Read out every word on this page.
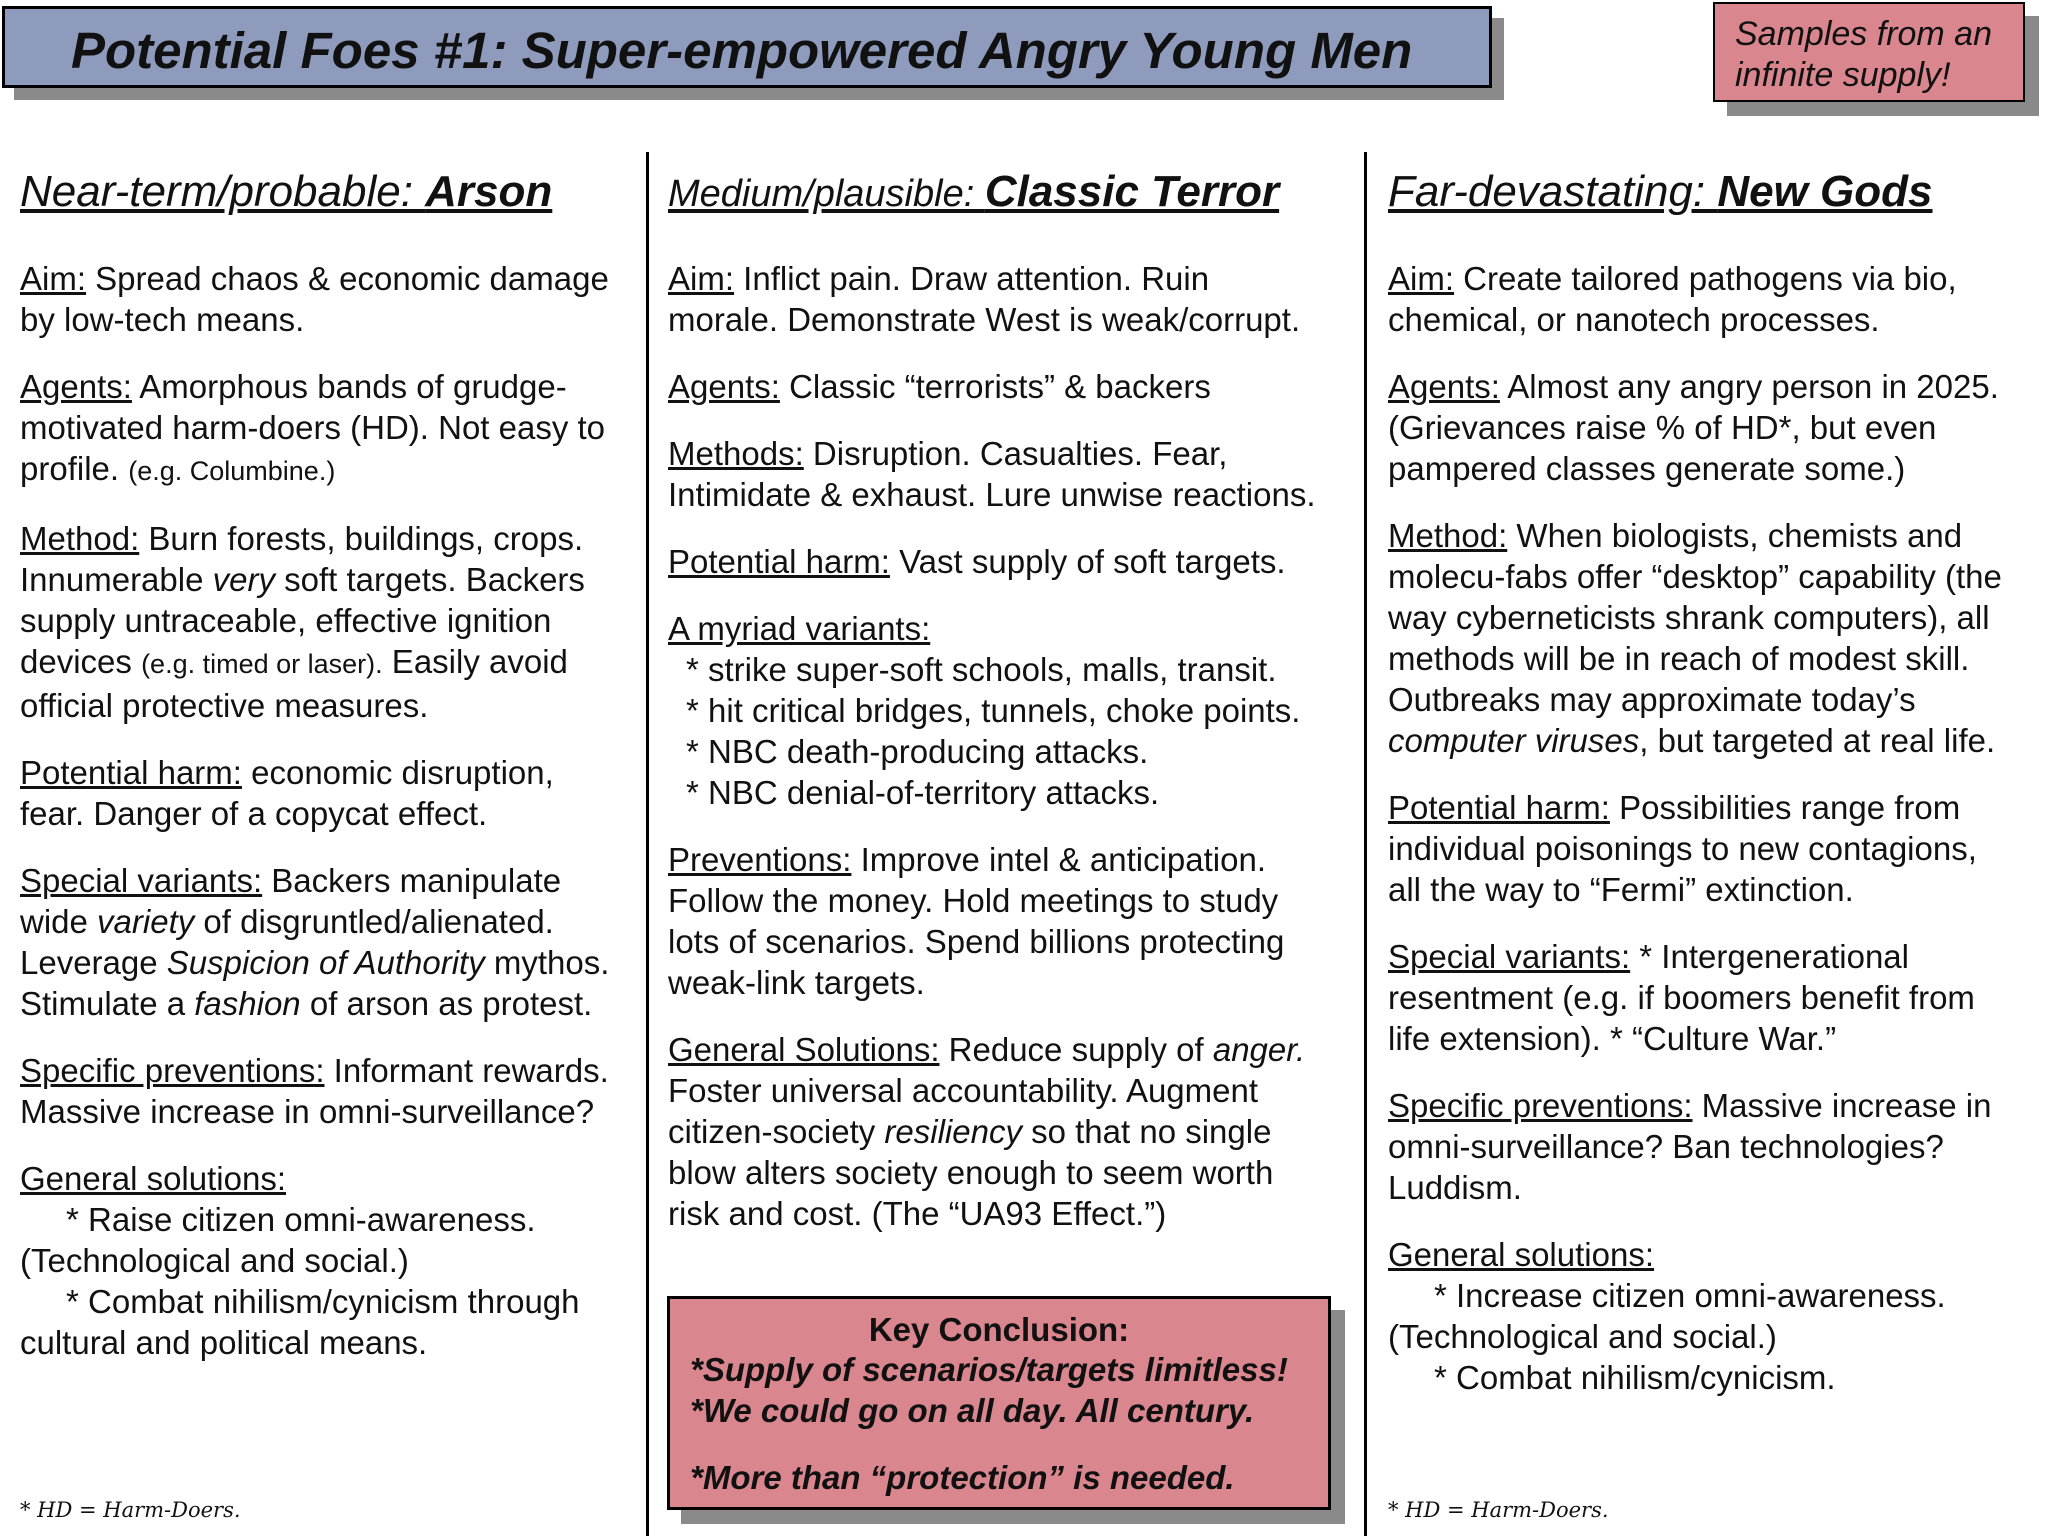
Potential Foes #1: Super-empowered Angry Young Men	Samples from an
infinite supply!
Near-term/probable: Arson
Aim: Spread chaos & economic damage
by low-tech means.
Agents: Amorphous bands of grudge-
motivated harm-doers (HD). Not easy to
profile. (e.g. Columbine.)
Method: Burn forests, buildings, crops.
Innumerable very soft targets. Backers
supply untraceable, effective ignition
devices (e.g. timed or laser). Easily avoid
official protective measures.
Potential harm: economic disruption,
fear. Danger of a copycat effect.
Special variants: Backers manipulate
wide variety of disgruntled/alienated.
Leverage Suspicion of Authority mythos.
Stimulate a fashion of arson as protest.
Specific preventions: Informant rewards.
Massive increase in omni-surveillance?
General solutions:
* Raise citizen omni-awareness.
(Technological and social.)
* Combat nihilism/cynicism through
cultural and political means.
* HD = Harm-Doers.
Medium/plausible: Classic Terror
Aim: Inflict pain. Draw attention. Ruin
morale. Demonstrate West is weak/corrupt.
Agents: Classic “terrorists” & backers
Methods: Disruption. Casualties. Fear,
Intimidate & exhaust. Lure unwise reactions.
Potential harm: Vast supply of soft targets.
A myriad variants:
* strike super-soft schools, malls, transit.
* hit critical bridges, tunnels, choke points.
* NBC death-producing attacks.
* NBC denial-of-territory attacks.
Preventions: Improve intel & anticipation.
Follow the money. Hold meetings to study
lots of scenarios. Spend billions protecting
weak-link targets.
General Solutions: Reduce supply of anger.
Foster universal accountability. Augment
citizen-society resiliency so that no single
blow alters society enough to seem worth
risk and cost. (The “UA93 Effect.”)
Key Conclusion:
*Supply of scenarios/targets limitless!
*We could go on all day. All century.
*More than “protection” is needed.
Far-devastating: New Gods
Aim: Create tailored pathogens via bio,
chemical, or nanotech processes.
Agents: Almost any angry person in 2025.
(Grievances raise % of HD*, but even
pampered classes generate some.)
Method: When biologists, chemists and
molecu-fabs offer “desktop” capability (the
way cyberneticists shrank computers), all
methods will be in reach of modest skill.
Outbreaks may approximate today’s
computer viruses, but targeted at real life.
Potential harm: Possibilities range from
individual poisonings to new contagions,
all the way to “Fermi” extinction.
Special variants: * Intergenerational
resentment (e.g. if boomers benefit from
life extension). * “Culture War.”
Specific preventions: Massive increase in
omni-surveillance? Ban technologies?
Luddism.
General solutions:
* Increase citizen omni-awareness.
(Technological and social.)
* Combat nihilism/cynicism.
* HD = Harm-Doers.
